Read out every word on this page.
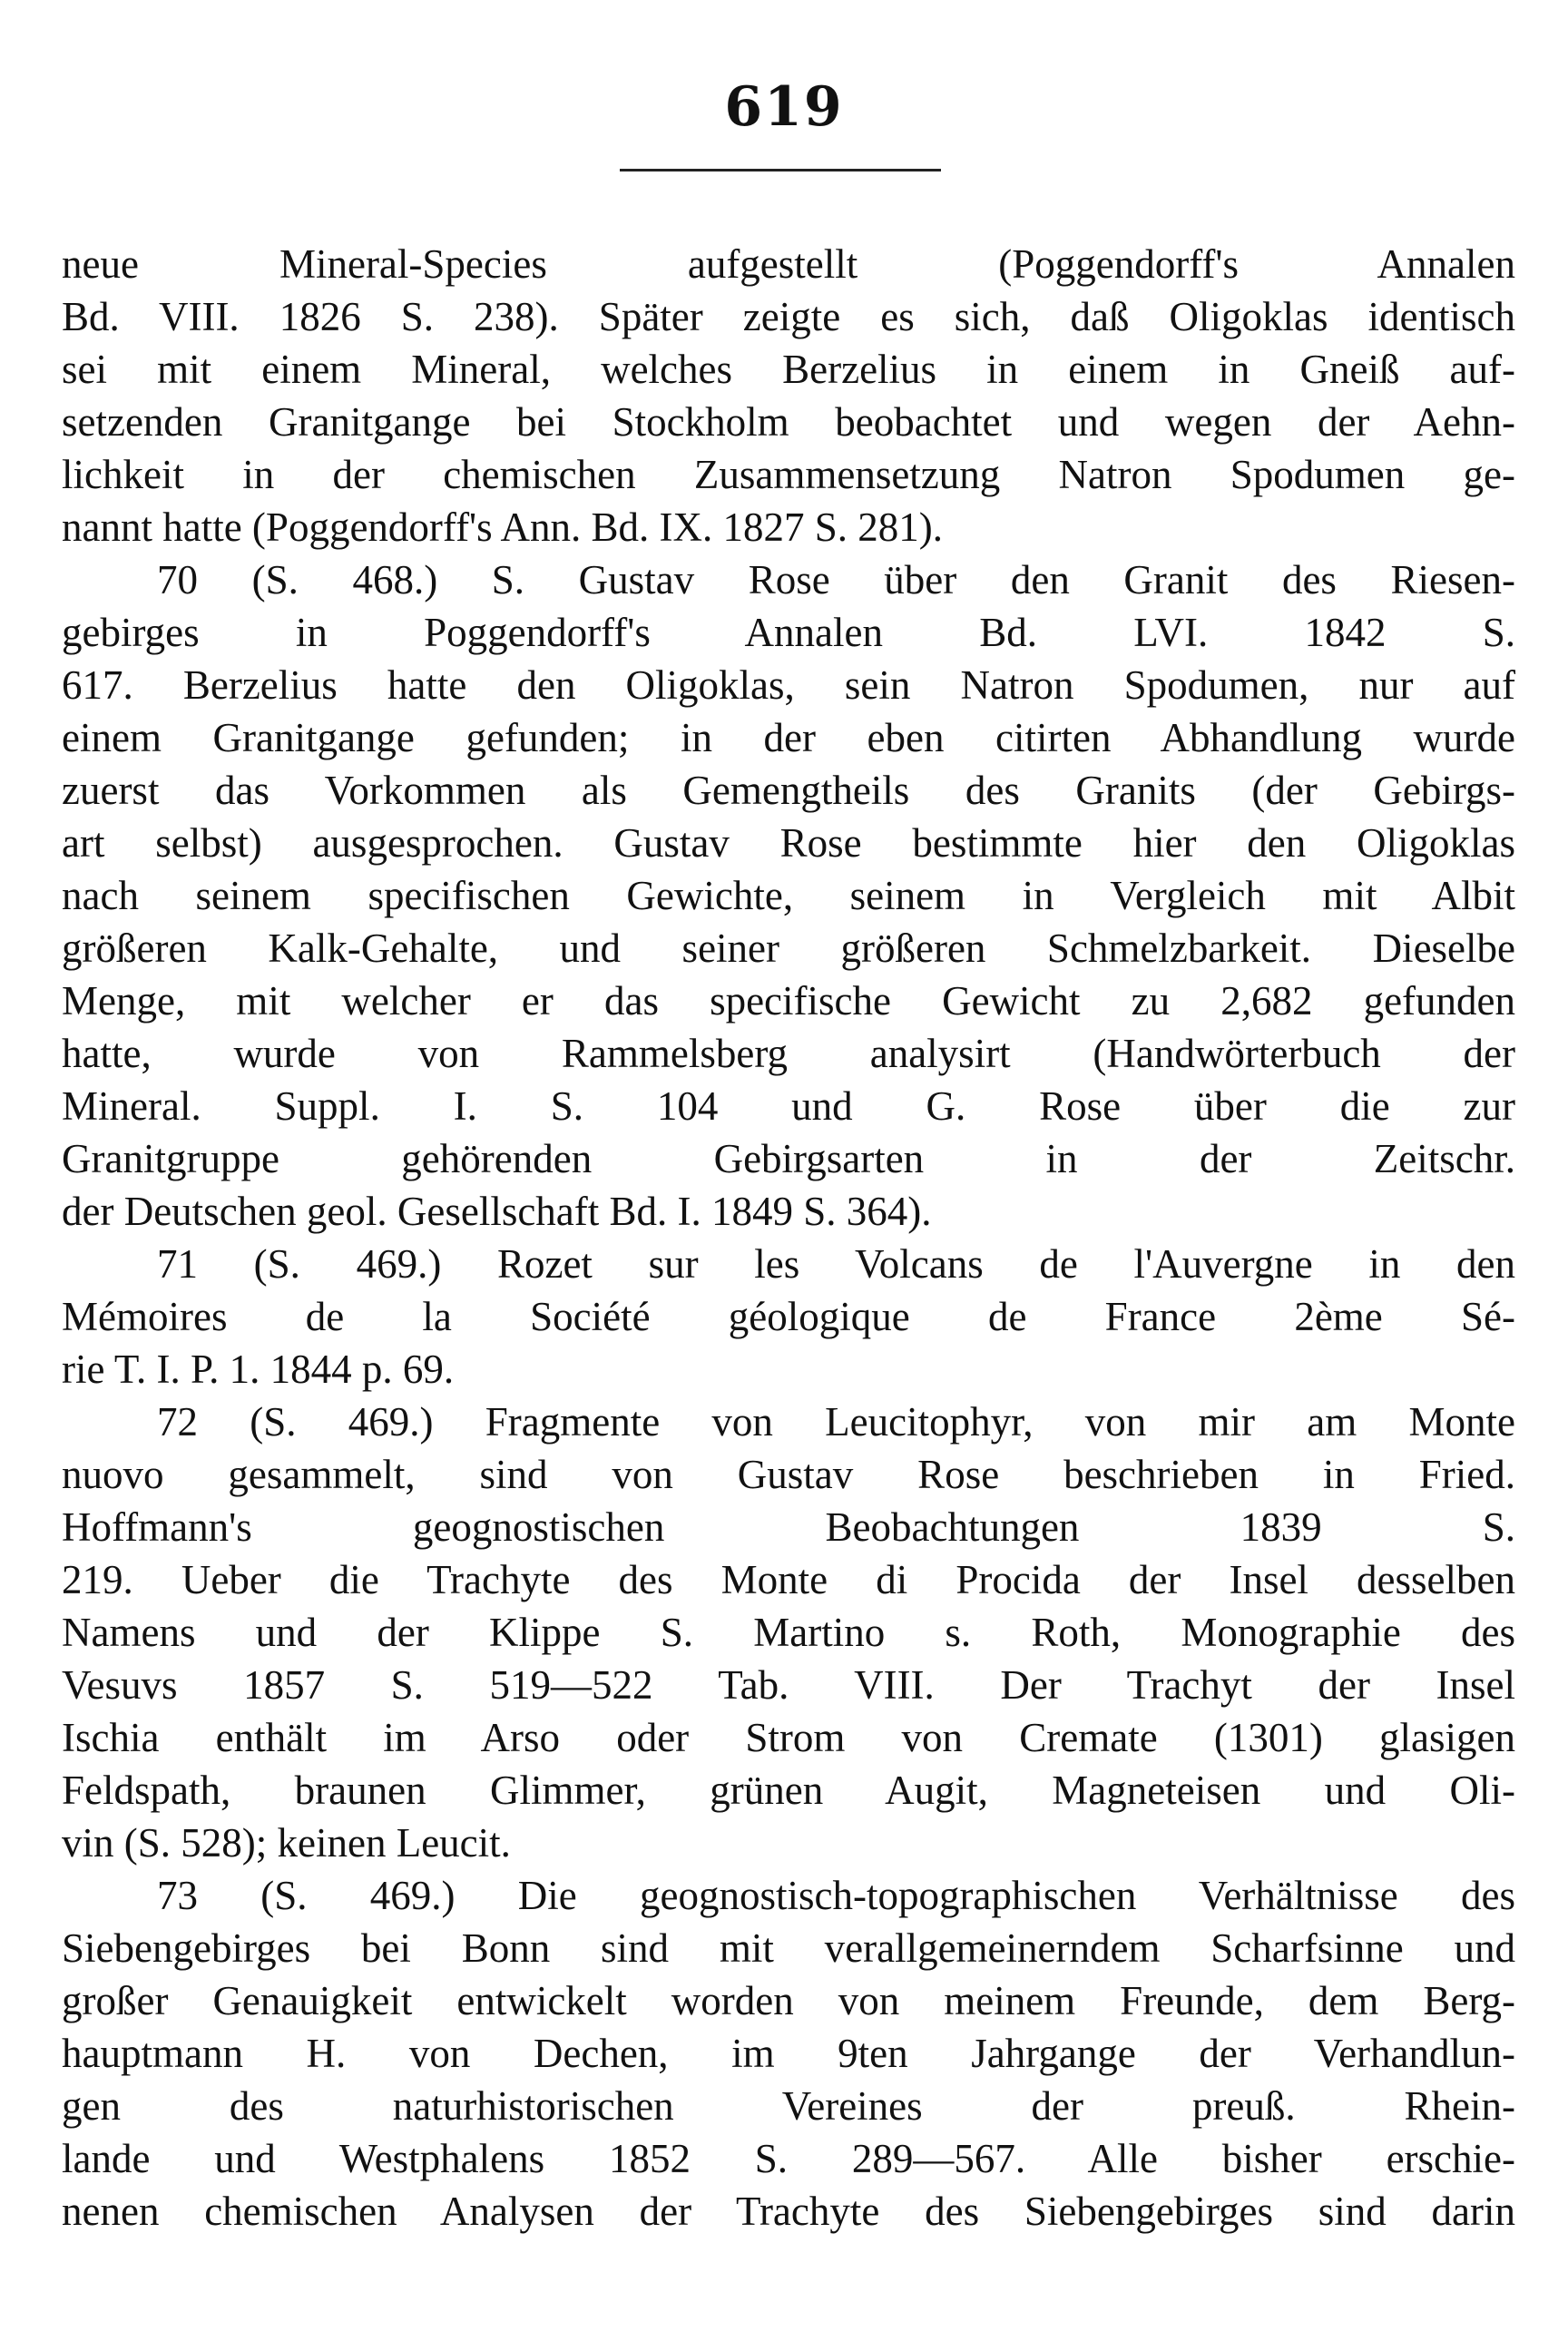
619
neue Mineral-Species aufgestellt (Poggendorff's Annalen
Bd. VIII. 1826 S. 238). Später zeigte es sich, daß Oligoklas identisch
sei mit einem Mineral, welches Berzelius in einem in Gneiß auf-
setzenden Granitgange bei Stockholm beobachtet und wegen der Aehn-
lichkeit in der chemischen Zusammensetzung Natron Spodumen ge-
nannt hatte (Poggendorff's Ann. Bd. IX. 1827 S. 281).
70 (S. 468.) S. Gustav Rose über den Granit des Riesen-
gebirges in Poggendorff's Annalen Bd. LVI. 1842 S.
617. Berzelius hatte den Oligoklas, sein Natron Spodumen, nur auf
einem Granitgange gefunden; in der eben citirten Abhandlung wurde
zuerst das Vorkommen als Gemengtheils des Granits (der Gebirgs-
art selbst) ausgesprochen. Gustav Rose bestimmte hier den Oligoklas
nach seinem specifischen Gewichte, seinem in Vergleich mit Albit
größeren Kalk-Gehalte, und seiner größeren Schmelzbarkeit. Dieselbe
Menge, mit welcher er das specifische Gewicht zu 2,682 gefunden
hatte, wurde von Rammelsberg analysirt (Handwörterbuch der
Mineral. Suppl. I. S. 104 und G. Rose über die zur
Granitgruppe gehörenden Gebirgsarten in der Zeitschr.
der Deutschen geol. Gesellschaft Bd. I. 1849 S. 364).
71 (S. 469.) Rozet sur les Volcans de l'Auvergne in den
Mémoires de la Société géologique de France 2ème Sé-
rie T. I. P. 1. 1844 p. 69.
72 (S. 469.) Fragmente von Leucitophyr, von mir am Monte
nuovo gesammelt, sind von Gustav Rose beschrieben in Fried.
Hoffmann's geognostischen Beobachtungen 1839 S.
219. Ueber die Trachyte des Monte di Procida der Insel desselben
Namens und der Klippe S. Martino s. Roth, Monographie des
Vesuvs 1857 S. 519—522 Tab. VIII. Der Trachyt der Insel
Ischia enthält im Arso oder Strom von Cremate (1301) glasigen
Feldspath, braunen Glimmer, grünen Augit, Magneteisen und Oli-
vin (S. 528); keinen Leucit.
73 (S. 469.) Die geognostisch-topographischen Verhältnisse des
Siebengebirges bei Bonn sind mit verallgemeinerndem Scharfsinne und
großer Genauigkeit entwickelt worden von meinem Freunde, dem Berg-
hauptmann H. von Dechen, im 9ten Jahrgange der Verhandlun-
gen des naturhistorischen Vereines der preuß. Rhein-
lande und Westphalens 1852 S. 289—567. Alle bisher erschie-
nenen chemischen Analysen der Trachyte des Siebengebirges sind darin
